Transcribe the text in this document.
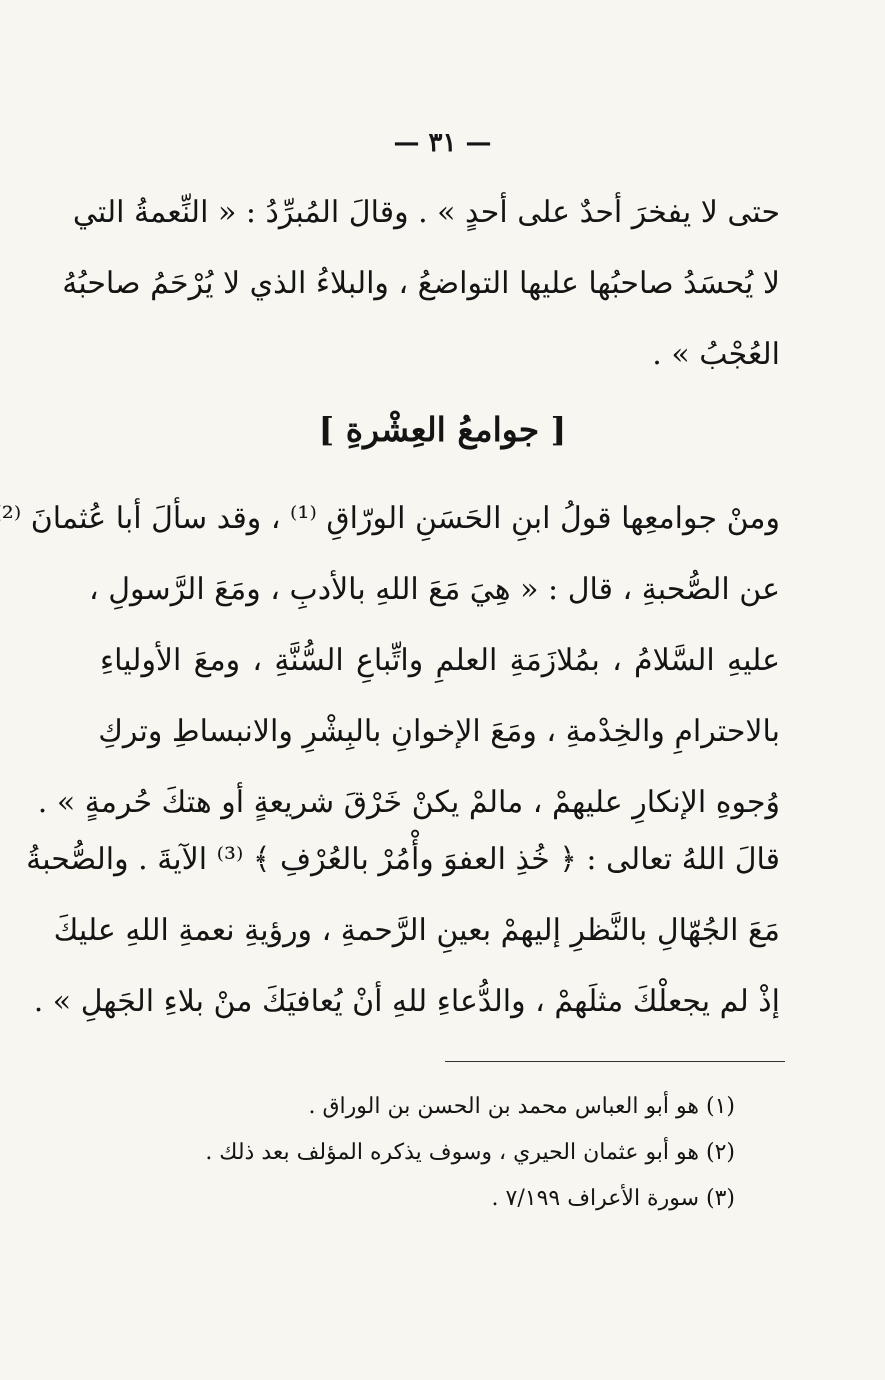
— ٣١ —
حتى لا يفخرَ أحدٌ على أحدٍ » . وقالَ المُبرِّدُ : « النِّعمةُ التي
لا يُحسَدُ صاحبُها عليها التواضعُ ، والبلاءُ الذي لا يُرْحَمُ صاحبُهُ
العُجْبُ » .
[ جوامعُ العِشْرةِ ]
ومنْ جوامعِها قولُ ابنِ الحَسَنِ الورّاقِ ⁽¹⁾ ، وقد سألَ أبا عُثمانَ ⁽²
عن الصُّحبةِ ، قال : « هِيَ مَعَ اللهِ بالأدبِ ، ومَعَ الرَّسولِ ،
عليهِ السَّلامُ ، بمُلازَمَةِ العلمِ واتِّباعِ السُّنَّةِ ، ومعَ الأولياءِ
بالاحترامِ والخِدْمةِ ، ومَعَ الإخوانِ بالبِشْرِ والانبساطِ وتركِ
وُجوهِ الإنكارِ عليهمْ ، مالمْ يكنْ خَرْقَ شريعةٍ أو هتكَ حُرمةٍ » .
قالَ اللهُ تعالى : ﴿ خُذِ العفوَ وأْمُرْ بالعُرْفِ ﴾ ⁽³⁾ الآيةَ . والصُّحبةُ
مَعَ الجُهّالِ بالنَّظرِ إليهمْ بعينِ الرَّحمةِ ، ورؤيةِ نعمةِ اللهِ عليكَ
إذْ لم يجعلْكَ مثلَهمْ ، والدُّعاءِ للهِ أنْ يُعافيَكَ منْ بلاءِ الجَهلِ » .
(١) هو أبو العباس محمد بن الحسن بن الوراق .
(٢) هو أبو عثمان الحيري ، وسوف يذكره المؤلف بعد ذلك .
(٣) سورة الأعراف ٧/١٩٩ .
